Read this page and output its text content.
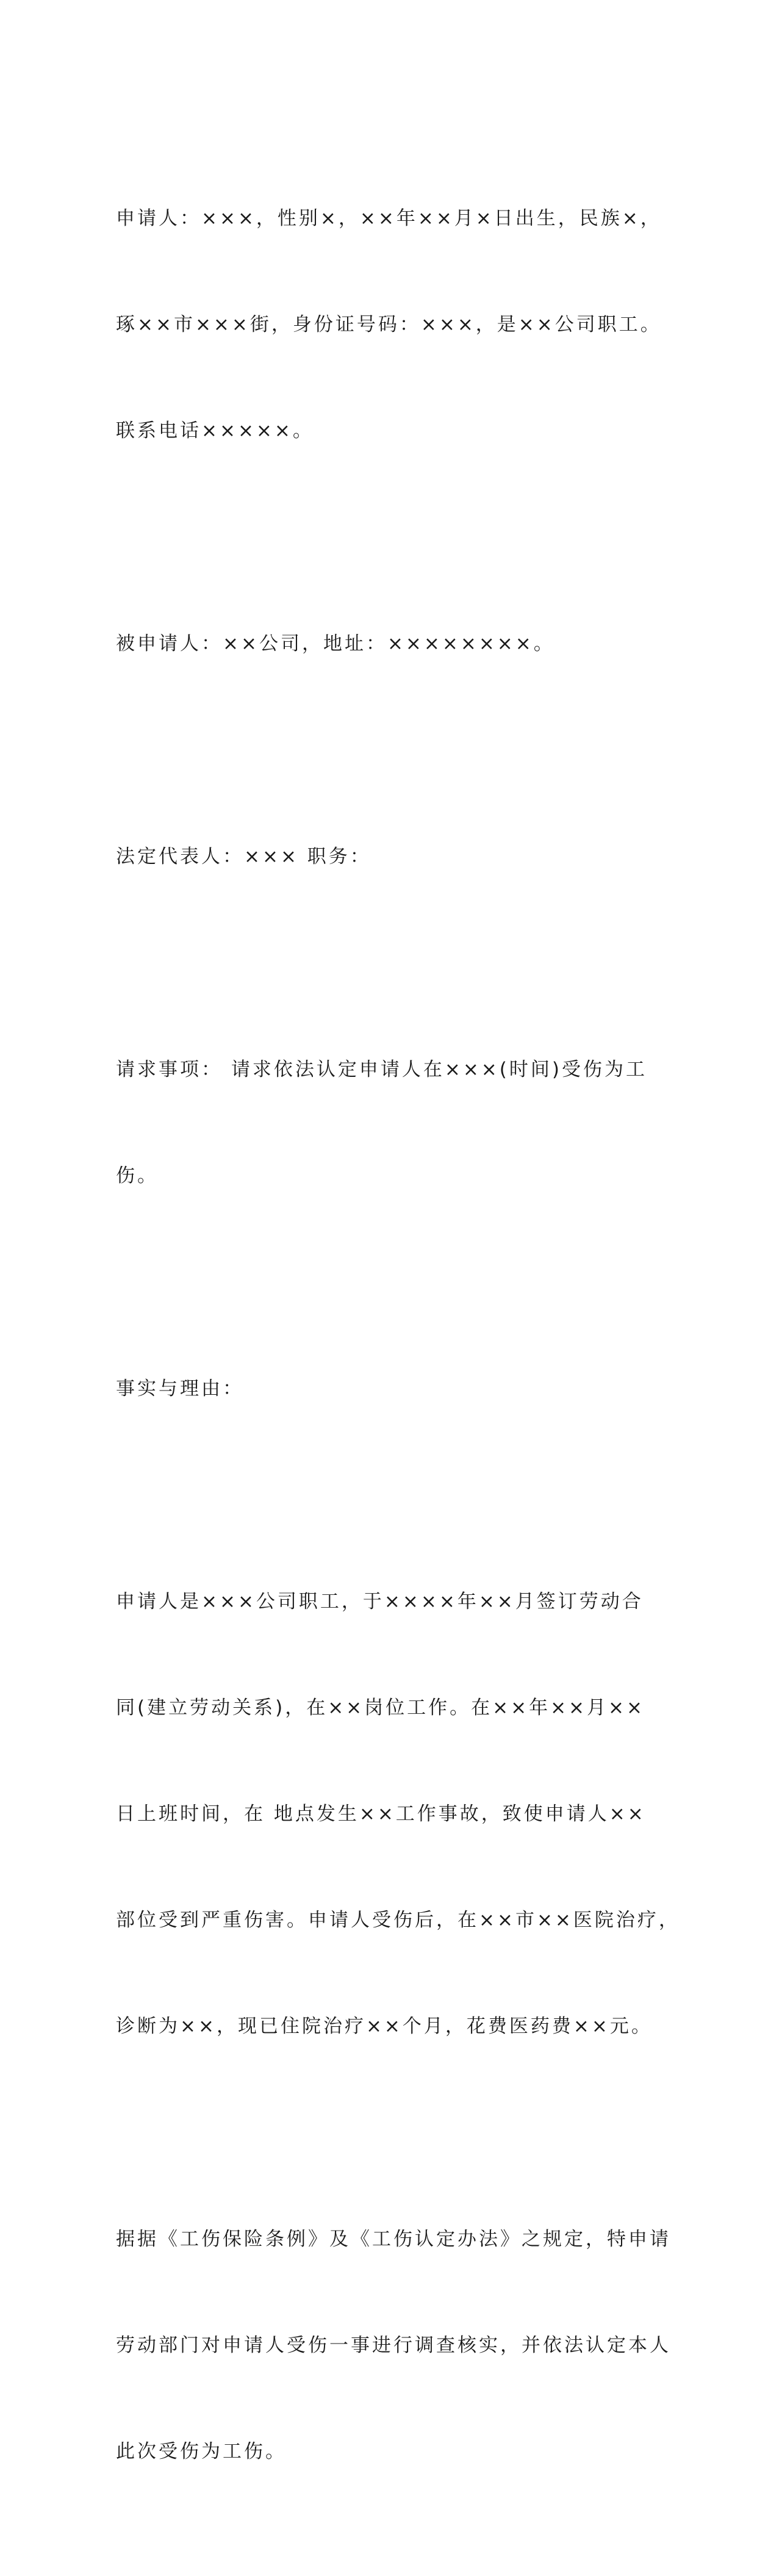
申请人：×××，性别×，××年××月×日出生，民族×，

琢××市×××街，身份证号码：×××，是××公司职工。

联系电话×××××。

被申请人：××公司，地址：××××××××。

法定代表人：××× 职务：

请求事项： 请求依法认定申请人在×××(时间)受伤为工

伤。

事实与理由：

申请人是×××公司职工，于××××年××月签订劳动合

同(建立劳动关系)，在××岗位工作。在××年××月××

日上班时间，在 地点发生××工作事故，致使申请人××

部位受到严重伤害。申请人受伤后，在××市××医院治疗，

诊断为××，现已住院治疗××个月，花费医药费××元。

据据《工伤保险条例》及《工伤认定办法》之规定，特申请

劳动部门对申请人受伤一事进行调查核实，并依法认定本人

此次受伤为工伤。
